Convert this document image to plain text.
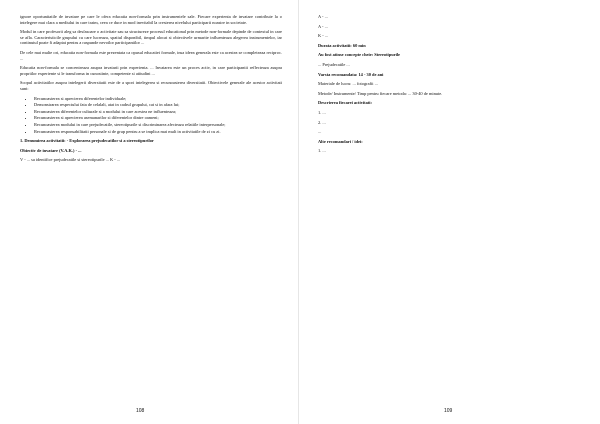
ignore oportunitatile de invatare pe care le ofera educatia non-formala prin instrumentele sale. Fiecare experienta de invatare contribuie la o intelegere mai clara a mediului in care traim, ceea ce duce in mod inevitabil la cresterea nivelului participarii noastre in societate.

Modul in care profesorii aleg sa desfasoare o activitate sau sa structureze procesul educational prin metode non-formale depinde de contextul in care se afla. Caracteristicile grupului cu care lucreaza, spatiul disponibil, timpul alocat si obiectivele urmarite influenteaza alegerea instrumentelor, iar continutul poate fi adaptat pentru a raspunde nevoilor participantilor ...

De cele mai multe ori, educatia non-formala este prezentata ca opusul educatiei formale, insa ideea generala este ca acestea se completeaza reciproc. ...

Educatia non-formala se concentreaza asupra invatarii prin experienta. ... Invatarea este un proces activ, in care participantii reflecteaza asupra propriilor experiente si le transforma in cunostinte, competente si atitudini ...

Scopul activitatilor asupra intelegerii diversitatii este de a spori intelegerea si recunoasterea diversitatii. Obiectivele generale ale acestor activitati sunt:

• Recunoasterea si aprecierea diferentelor individuale;
• Demonstrarea respectului fata de celalalt, atat in cadrul grupului, cat si in afara lui;
• Recunoasterea diferentelor culturale si a modului in care acestea ne influenteaza;
• Recunoasterea si aprecierea asemanarilor si diferentelor dintre oameni;
• Recunoasterea modului in care prejudecatile, stereotipurile si discriminarea afecteaza relatiile interpersonale;
• Recunoasterea responsabilitatii personale si de grup pentru a se implica mai mult in activitatile de zi cu zi.

1. Denumirea activitatii: - Explorarea prejudecatilor si a stereotipurilor

Obiectiv de invatare (V.A.K.) - ...

V - ... sa identifice prejudecatile si stereotipurile ... K - ...

A - ...

A - ...

K - ...

Durata activitatii: 60 min

Au fost atinse concepte cheie: Stereotipurile

... Prejudecatile ...

Varsta recomandata: 14 - 30 de ani

Materiale de lucru: ... fotografii ...

Metode/ Instrumente/ Timp pentru fiecare metoda: ... 30-40 de minute.

Descrierea fiecarei activitati:

1. ...

2. ...

...

Alte recomandari / idei:

1. ...

108	109
